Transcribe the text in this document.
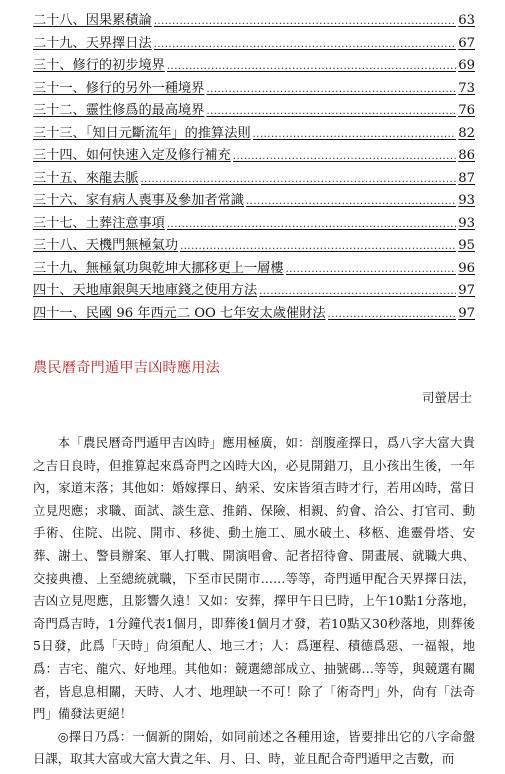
二十八、因果累積論 .....	63
二十九、天界擇日法 .....	67
三十、修行的初步境界 .....	69
三十一、修行的另外一種境界 .....	73
三十二、靈性修爲的最高境界 .....	76
三十三、「知日元斷流年」的推算法則 .....	82
三十四、如何快速入定及修行補充 .....	86
三十五、來龍去脈 .....	87
三十六、家有病人喪事及參加者常識 .....	93
三十七、土葬注意事項 .....	93
三十八、天機門無極氣功 .....	95
三十九、無極氣功與乾坤大挪移更上一層樓 .....	96
四十、天地庫銀與天地庫錢之使用方法 .....	97
四十一、民國 96 年西元二 OO 七年安太歲催財法 .....	97
農民曆奇門遁甲吉凶時應用法
司螢居士

本「農民曆奇門遁甲吉凶時」應用極廣，如：剖腹產擇日，爲八字大富大貴之吉日良時，但推算起來爲奇門之凶時大凶，必見開錯刀，且小孩出生後，一年內，家道末落；其他如：婚嫁擇日、納采、安床皆須吉時才行，若用凶時，當日立見咫應；求職、面試、談生意、推銷、保險、相親、約會、洽公、打官司、動手術、住院、出院、開市、移徙、動土施工、風水破土、移柩、進靈骨塔、安葬、謝土、警員辦案、軍人打戰、開演唱會、記者招待會、開畫展、就職大典、交接典禮、上至總統就職，下至市民開市……等等，奇門遁甲配合天界擇日法，吉凶立見咫應，且影響久遠！又如：安葬，擇甲午日巳時，上午10點1分落地，奇門爲吉時，1分鐘代表1個月，即葬後1個月才發，若10點又30秒落地，則葬後5日發，此爲「天時」尙須配人、地三才；人：爲運程、積德爲惡、一福報，地爲：吉宅、龍穴、好地理。其他如：競選總部成立、抽號碼…等等，與競選有關者，皆息息相關，天時、人才、地理缺一不可！除了「術奇門」外，尙有「法奇門」備發法更絕！

◎擇日乃爲：一個新的開始，如同前述之各種用途，皆要排出它的八字命盤日課，取其大富或大富大貴之年、月、日、時，並且配合奇門遁甲之吉數，而
